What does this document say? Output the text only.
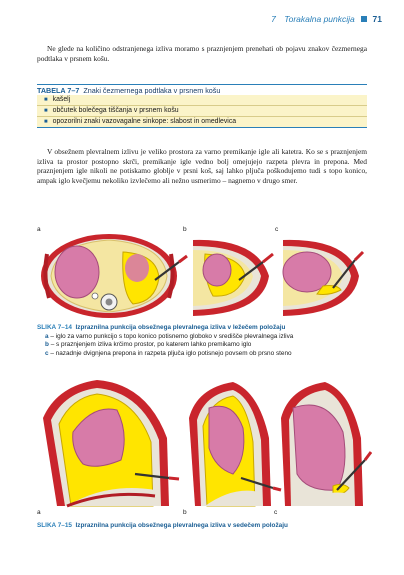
7 Torakalna punkcija 71
Ne glede na količino odstranjenega izliva moramo s praznjenjem prenehati ob pojavu znakov čezmernega podtlaka v prsnem košu.
TABELA 7–7 Znaki čezmernega podtlaka v prsnem košu
■ kašelj
■ občutek bolečega tiščanja v prsnem košu
■ opozorilni znaki vazovagalne sinkope: slabost in omedlevica
V obsežnem plevralnem izlivu je veliko prostora za varno premikanje igle ali katetra. Ko se s praznjenjem izliva ta prostor postopno skrči, premikanje igle vedno bolj omejujejo razpeta plevra in prepona. Med praznjenjem igle nikoli ne potiskamo globlje v prsni koš, saj lahko pljuča poškodujemo tudi s topo konico, ampak iglo kvečjemu nekoliko izvlečemo ali nežno usmerimo – nagnemo v drugo smer.
a	b	c
SLIKA 7–14 Izpraznilna punkcija obsežnega plevralnega izliva v ležečem položaju
a – iglo za varno punkcijo s topo konico potisnemo globoko v središče plevralnega izliva
b – s praznjenjem izliva krčimo prostor, po katerem lahko premikamo iglo
c – nazadnje dvignjena prepona in razpeta pljuča iglo potisnejo povsem ob prsno steno
a	b	c
SLIKA 7–15 Izpraznilna punkcija obsežnega plevralnega izliva v sedečem položaju
